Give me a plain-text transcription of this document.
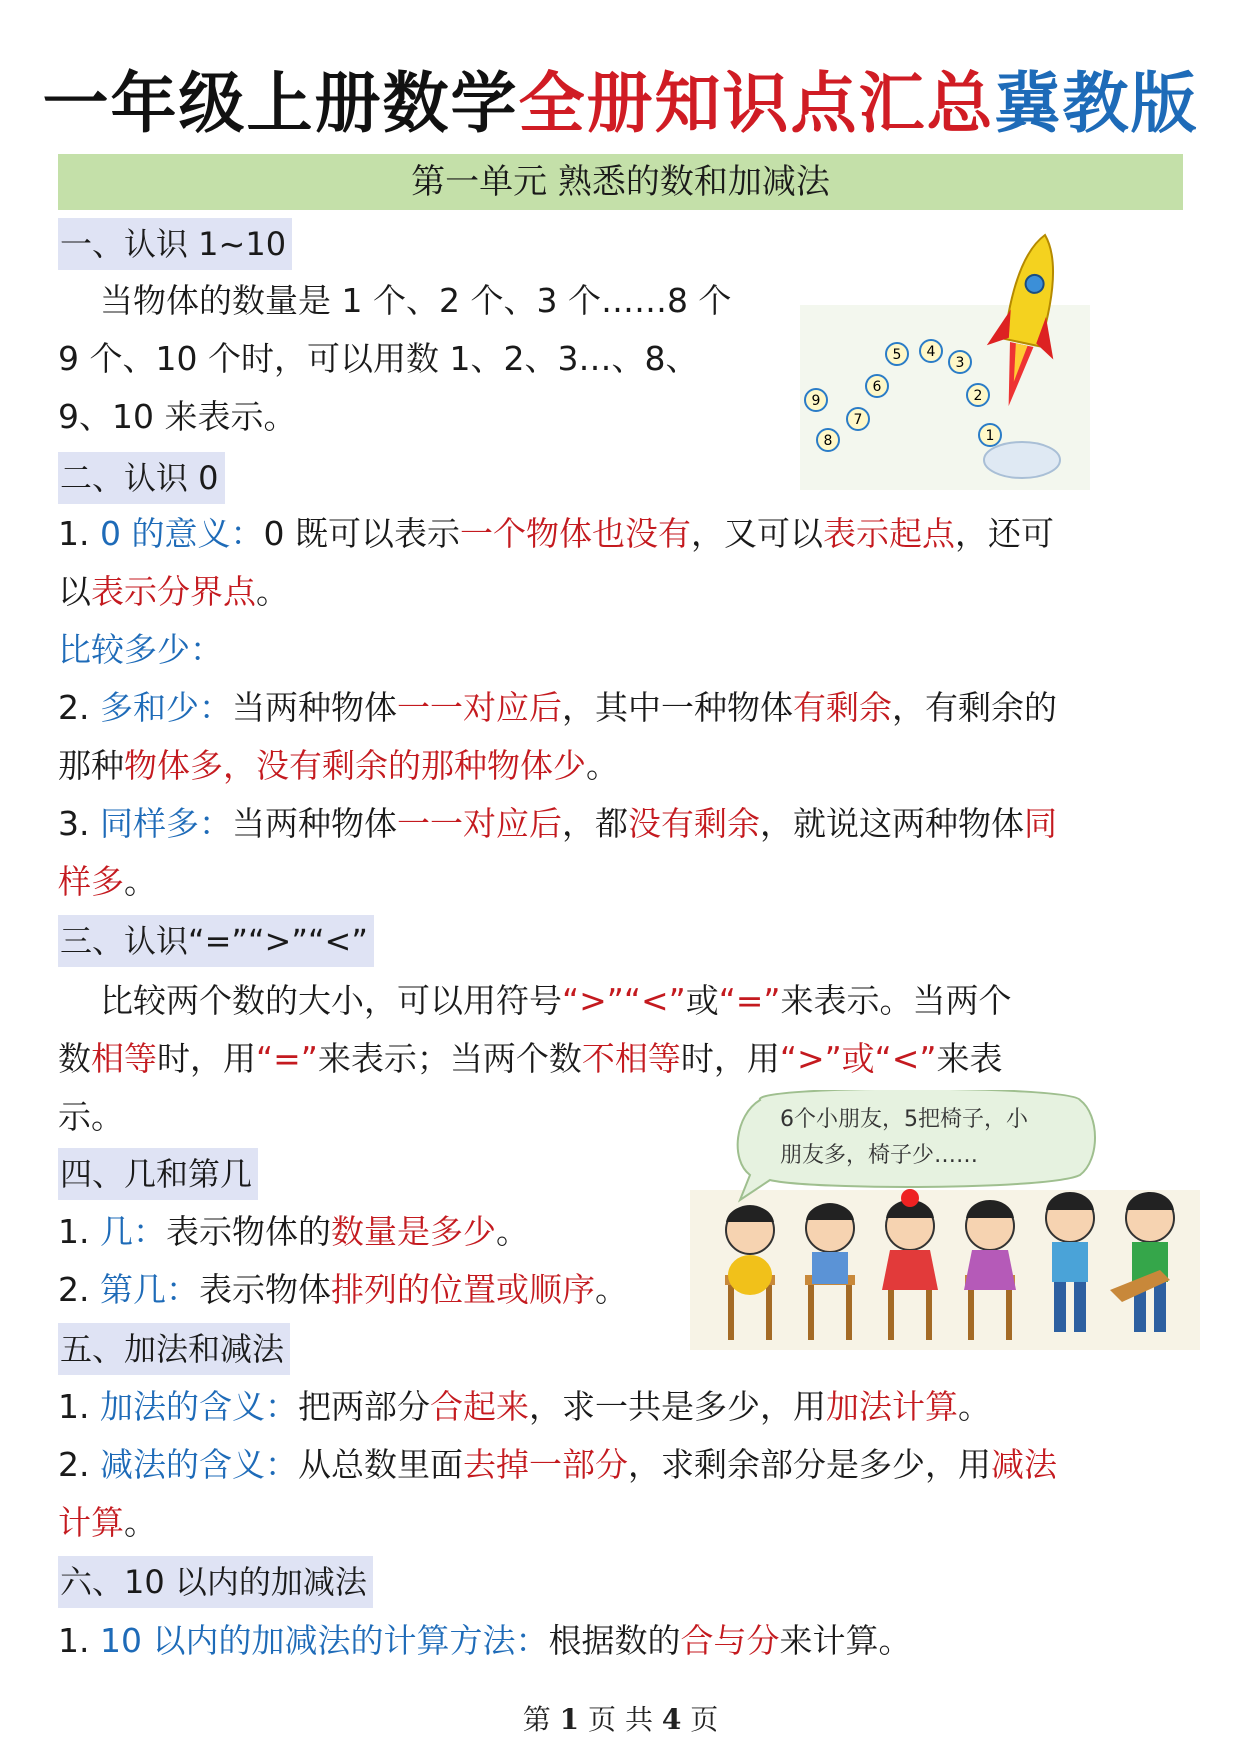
一年级上册数学全册知识点汇总冀教版
第一单元 熟悉的数和加减法
一、认识 1~10
当物体的数量是 1 个、2 个、3 个……8 个
9 个、10 个时，可以用数 1、2、3…、8、
9、10 来表示。	1
2
3
4
5
6
7
8
9
二、认识 0
1. 0 的意义：0 既可以表示一个物体也没有，又可以表示起点，还可
以表示分界点。
比较多少：
2. 多和少：当两种物体一一对应后，其中一种物体有剩余，有剩余的
那种物体多，没有剩余的那种物体少。
3. 同样多：当两种物体一一对应后，都没有剩余，就说这两种物体同
样多。
三、认识“=”“>”“<”
比较两个数的大小，可以用符号“>”“<”或“=”来表示。当两个
数相等时，用“=”来表示；当两个数不相等时，用“>”或“<”来表
示。	6个小朋友，5把椅子，小
朋友多，椅子少……
四、几和第几
1. 几：表示物体的数量是多少。
2. 第几：表示物体排列的位置或顺序。
五、加法和减法
1. 加法的含义：把两部分合起来，求一共是多少，用加法计算。
2. 减法的含义：从总数里面去掉一部分，求剩余部分是多少，用减法
计算。
六、10 以内的加减法
1. 10 以内的加减法的计算方法：根据数的合与分来计算。
第 1 页 共 4 页
